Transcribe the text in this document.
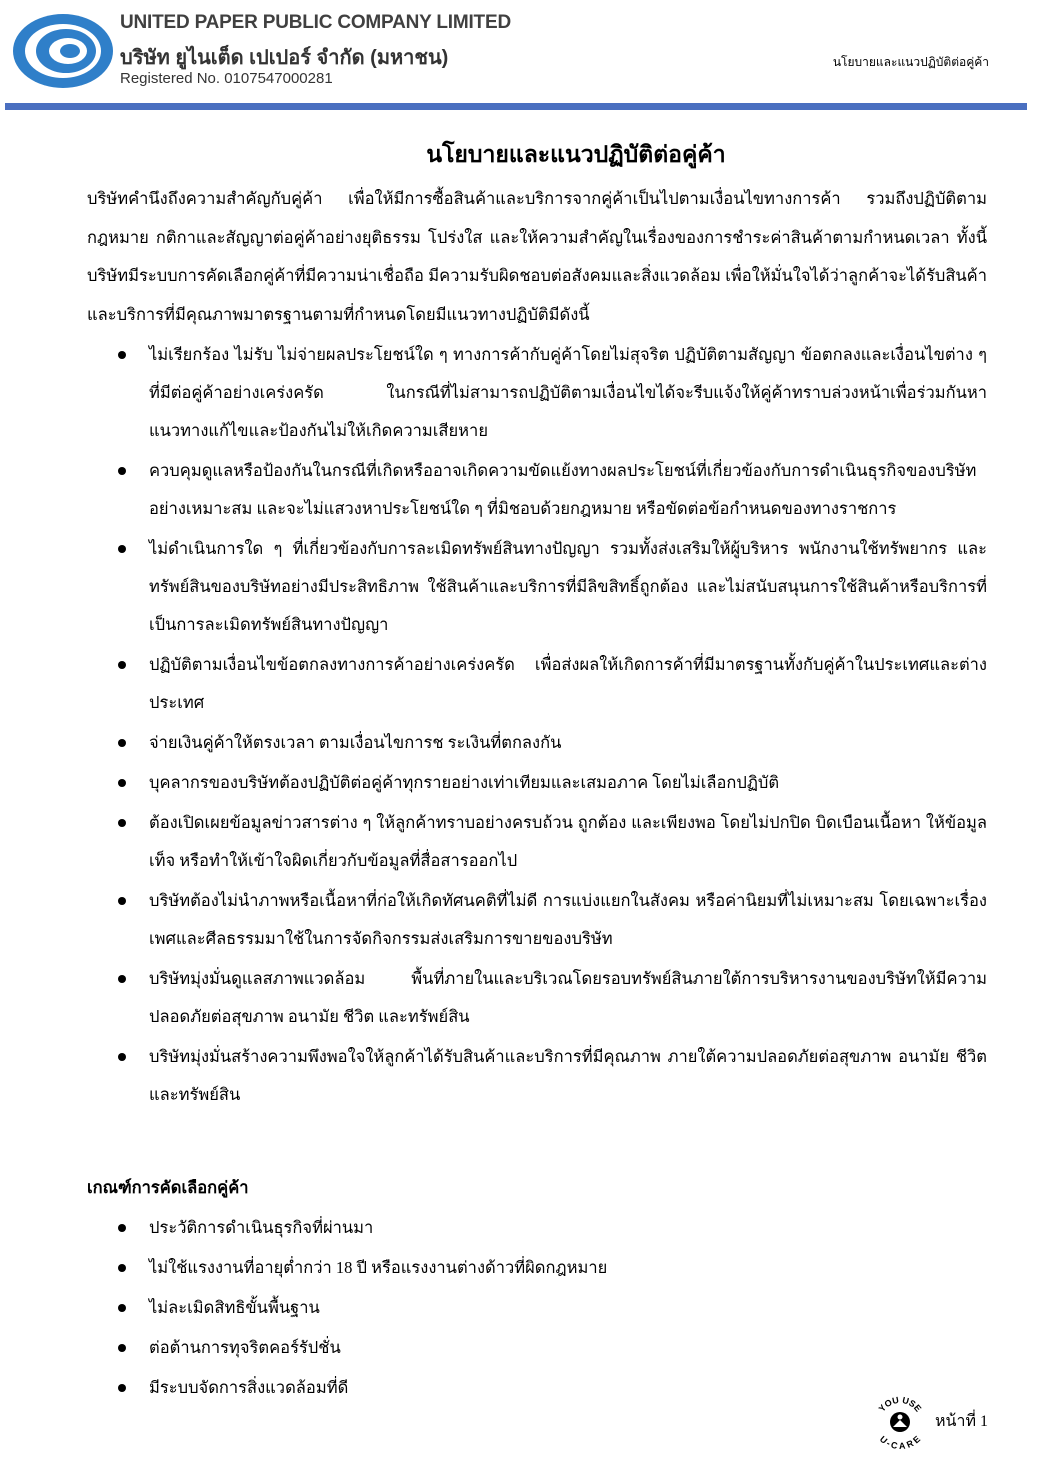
UNITED PAPER PUBLIC COMPANY LIMITED
บริษัท ยูไนเต็ด เปเปอร์ จำกัด (มหาชน)
Registered No. 0107547000281
นโยบายและแนวปฏิบัติต่อคู่ค้า
นโยบายและแนวปฏิบัติต่อคู่ค้า

บริษัทคำนึงถึงความสำคัญกับคู่ค้า เพื่อให้มีการซื้อสินค้าและบริการจากคู่ค้าเป็นไปตามเงื่อนไขทางการค้า รวมถึงปฏิบัติตามกฎหมาย กติกาและสัญญาต่อคู่ค้าอย่างยุติธรรม โปร่งใส และให้ความสำคัญในเรื่องของการชำระค่าสินค้าตามกำหนดเวลา ทั้งนี้บริษัทมีระบบการคัดเลือกคู่ค้าที่มีความน่าเชื่อถือ มีความรับผิดชอบต่อสังคมและสิ่งแวดล้อม เพื่อให้มั่นใจได้ว่าลูกค้าจะได้รับสินค้าและบริการที่มีคุณภาพมาตรฐานตามที่กำหนดโดยมีแนวทางปฏิบัติมีดังนี้

ไม่เรียกร้อง ไม่รับ ไม่จ่ายผลประโยชน์ใด ๆ ทางการค้ากับคู่ค้าโดยไม่สุจริต ปฏิบัติตามสัญญา ข้อตกลงและเงื่อนไขต่าง ๆ ที่มีต่อคู่ค้าอย่างเคร่งครัด ในกรณีที่ไม่สามารถปฏิบัติตามเงื่อนไขได้จะรีบแจ้งให้คู่ค้าทราบล่วงหน้าเพื่อร่วมกันหาแนวทางแก้ไขและป้องกันไม่ให้เกิดความเสียหาย
ควบคุมดูแลหรือป้องกันในกรณีที่เกิดหรืออาจเกิดความขัดแย้งทางผลประโยชน์ที่เกี่ยวข้องกับการดำเนินธุรกิจของบริษัทอย่างเหมาะสม และจะไม่แสวงหาประโยชน์ใด ๆ ที่มิชอบด้วยกฎหมาย หรือขัดต่อข้อกำหนดของทางราชการ
ไม่ดำเนินการใด ๆ ที่เกี่ยวข้องกับการละเมิดทรัพย์สินทางปัญญา รวมทั้งส่งเสริมให้ผู้บริหาร พนักงานใช้ทรัพยากร และทรัพย์สินของบริษัทอย่างมีประสิทธิภาพ ใช้สินค้าและบริการที่มีลิขสิทธิ์ถูกต้อง และไม่สนับสนุนการใช้สินค้าหรือบริการที่เป็นการละเมิดทรัพย์สินทางปัญญา
ปฏิบัติตามเงื่อนไขข้อตกลงทางการค้าอย่างเคร่งครัด เพื่อส่งผลให้เกิดการค้าที่มีมาตรฐานทั้งกับคู่ค้าในประเทศและต่างประเทศ
จ่ายเงินคู่ค้าให้ตรงเวลา ตามเงื่อนไขการช ระเงินที่ตกลงกัน
บุคลากรของบริษัทต้องปฏิบัติต่อคู่ค้าทุกรายอย่างเท่าเทียมและเสมอภาค โดยไม่เลือกปฏิบัติ
ต้องเปิดเผยข้อมูลข่าวสารต่าง ๆ ให้ลูกค้าทราบอย่างครบถ้วน ถูกต้อง และเพียงพอ โดยไม่ปกปิด บิดเบือนเนื้อหา ให้ข้อมูลเท็จ หรือทำให้เข้าใจผิดเกี่ยวกับข้อมูลที่สื่อสารออกไป
บริษัทต้องไม่นำภาพหรือเนื้อหาที่ก่อให้เกิดทัศนคติที่ไม่ดี การแบ่งแยกในสังคม หรือค่านิยมที่ไม่เหมาะสม โดยเฉพาะเรื่องเพศและศีลธรรมมาใช้ในการจัดกิจกรรมส่งเสริมการขายของบริษัท
บริษัทมุ่งมั่นดูแลสภาพแวดล้อม พื้นที่ภายในและบริเวณโดยรอบทรัพย์สินภายใต้การบริหารงานของบริษัทให้มีความปลอดภัยต่อสุขภาพ อนามัย ชีวิต และทรัพย์สิน
บริษัทมุ่งมั่นสร้างความพึงพอใจให้ลูกค้าได้รับสินค้าและบริการที่มีคุณภาพ ภายใต้ความปลอดภัยต่อสุขภาพ อนามัย ชีวิต และทรัพย์สิน
เกณฑ์การคัดเลือกคู่ค้า
ประวัติการดำเนินธุรกิจที่ผ่านมา
ไม่ใช้แรงงานที่อายุต่ำกว่า 18 ปี หรือแรงงานต่างด้าวที่ผิดกฎหมาย
ไม่ละเมิดสิทธิขั้นพื้นฐาน
ต่อต้านการทุจริตคอร์รัปชั่น
มีระบบจัดการสิ่งแวดล้อมที่ดี
YOU USE
U-CARE
หน้าที่ 1
